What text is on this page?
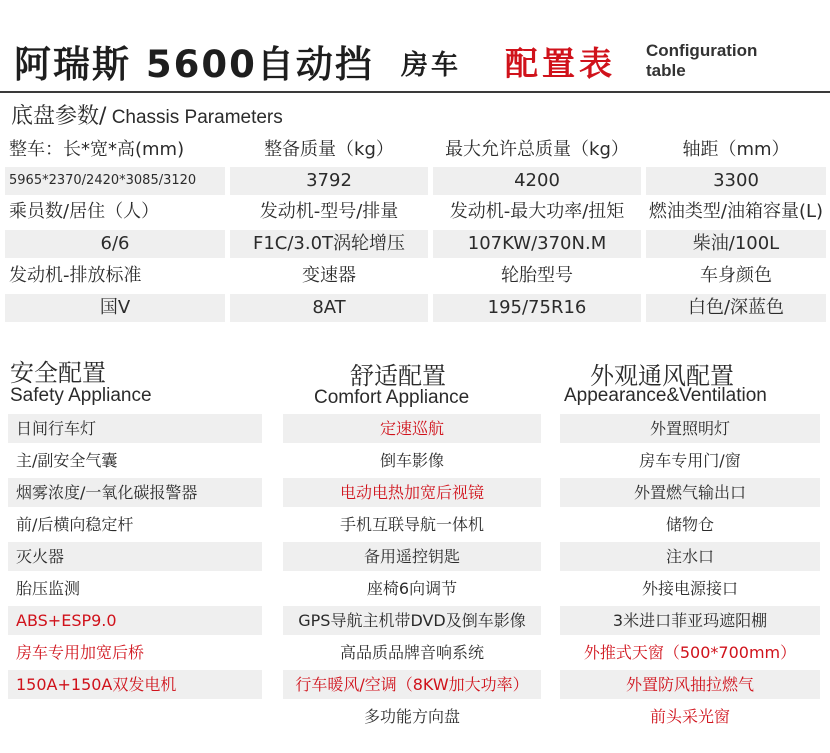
阿瑞斯 5600自动挡 房车 配置表 Configuration
table
底盘参数/ Chassis Parameters
整车：长*宽*高(mm)	整备质量（kg）	最大允许总质量（kg）	轴距（mm）
5965*2370/2420*3085/3120	3792	4200	3300
乘员数/居住（人）	发动机-型号/排量	发动机-最大功率/扭矩	燃油类型/油箱容量(L)
6/6	F1C/3.0T涡轮增压	107KW/370N.M	柴油/100L
发动机-排放标准	变速器	轮胎型号	车身颜色
国V	8AT	195/75R16	白色/深蓝色
安全配置
Safety Appliance
日间行车灯
主/副安全气囊
烟雾浓度/一氧化碳报警器
前/后横向稳定杆
灭火器
胎压监测
ABS+ESP9.0
房车专用加宽后桥
150A+150A双发电机
舒适配置
Comfort Appliance
定速巡航
倒车影像
电动电热加宽后视镜
手机互联导航一体机
备用遥控钥匙
座椅6向调节
GPS导航主机带DVD及倒车影像
高品质品牌音响系统
行车暖风/空调（8KW加大功率）
多功能方向盘
外观通风配置
Appearance&Ventilation
外置照明灯
房车专用门/窗
外置燃气输出口
储物仓
注水口
外接电源接口
3米进口菲亚玛遮阳棚
外推式天窗（500*700mm）
外置防风抽拉燃气
前头采光窗
